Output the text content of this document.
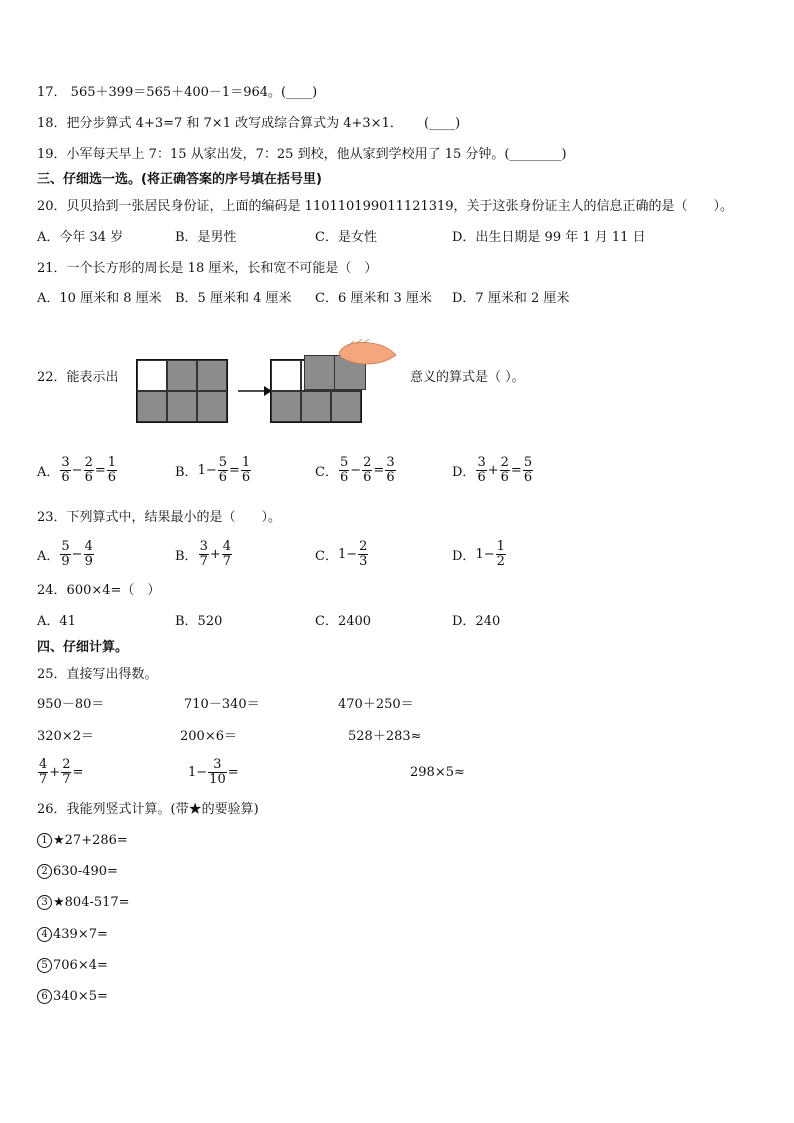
17． 565＋399＝565＋400－1＝964。(____)
18．把分步算式 4+3=7 和 7×1 改写成综合算式为 4+3×1． (____)
19．小军每天早上 7：15 从家出发，7：25 到校，他从家到学校用了 15 分钟。(________)
三、仔细选一选。(将正确答案的序号填在括号里)
20．贝贝拾到一张居民身份证，上面的编码是 110110199011121319，关于这张身份证主人的信息正确的是（　　）。
A．今年 34 岁	B．是男性	C．是女性	D．出生日期是 99 年 1 月 11 日
21．一个长方形的周长是 18 厘米，长和宽不可能是（　）
A．10 厘米和 8 厘米 B．5 厘米和 4 厘米 C．6 厘米和 3 厘米 D．7 厘米和 2 厘米
22．能表示出	意义的算式是（ ）。
A． $\frac{3}{6} - \frac{2}{6} = \frac{1}{6}$	B． $1- \frac{5}{6} = \frac{1}{6}$	C． $\frac{5}{6} - \frac{2}{6} = \frac{3}{6}$	D． $\frac{3}{6} + \frac{2}{6} = \frac{5}{6}$
23．下列算式中，结果最小的是（　　）。
A． $\frac{5}{9} - \frac{4}{9}$	B． $\frac{3}{7} + \frac{4}{7}$	C． $1- \frac{2}{3}$	D． $1- \frac{1}{2}$
24．600×4=（　）
A．41	B．520	C．2400	D．240
四、仔细计算。
25．直接写出得数。
950－80＝	710－340＝	470＋250＝
320×2＝	200×6＝	528＋283≈
$\frac{4}{7} + \frac{2}{7}$ =	$1- \frac{3}{10}$ =	298×5≈
26．我能列竖式计算。(带★的要验算)
1 ★27+286=
2 630-490=
3 ★804-517=
4 439×7=
5 706×4=
6 340×5=
